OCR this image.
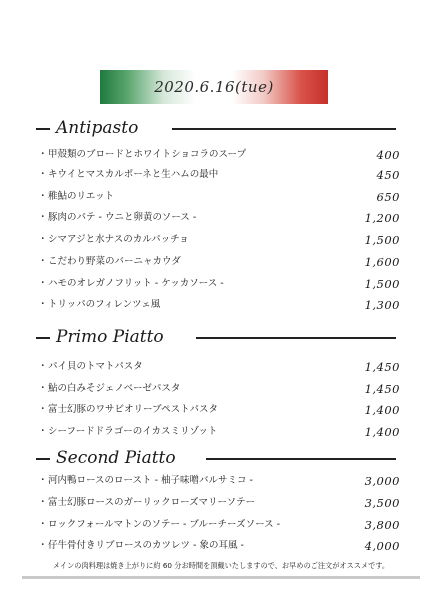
2020.6.16(tue)
Antipasto
・ 甲殻類のブロードとホワイトショコラのスープ	400
・ キウイとマスカルポーネと生ハムの最中	450
・ 稚鮎のリエット	650
・ 豚肉のパテ - ウニと卵黄のソース -	1,200
・ シマアジと水ナスのカルパッチョ	1,500
・ こだわり野菜のバーニャカウダ	1,600
・ ハモのオレガノフリット - ケッカソース -	1,500
・ トリッパのフィレンツェ風	1,300
Primo Piatto
・ パイ貝のトマトパスタ	1,450
・ 鮎の白みそジェノベーゼパスタ	1,450
・ 富士幻豚のワサビオリーブペストパスタ	1,400
・ シーフードドラゴーのイカスミリゾット	1,400
Second Piatto
・ 河内鴨ロースのロースト - 柚子味噌バルサミコ -	3,000
・ 富士幻豚ロースのガーリックローズマリーソテー	3,500
・ ロックフォールマトンのソテー - ブルーチーズソース -	3,800
・ 仔牛骨付きリブロースのカツレツ - 象の耳風 -	4,000
メインの肉料理は焼き上がりに約 60 分お時間を頂戴いたしますので、お早めのご注文がオススメです。
